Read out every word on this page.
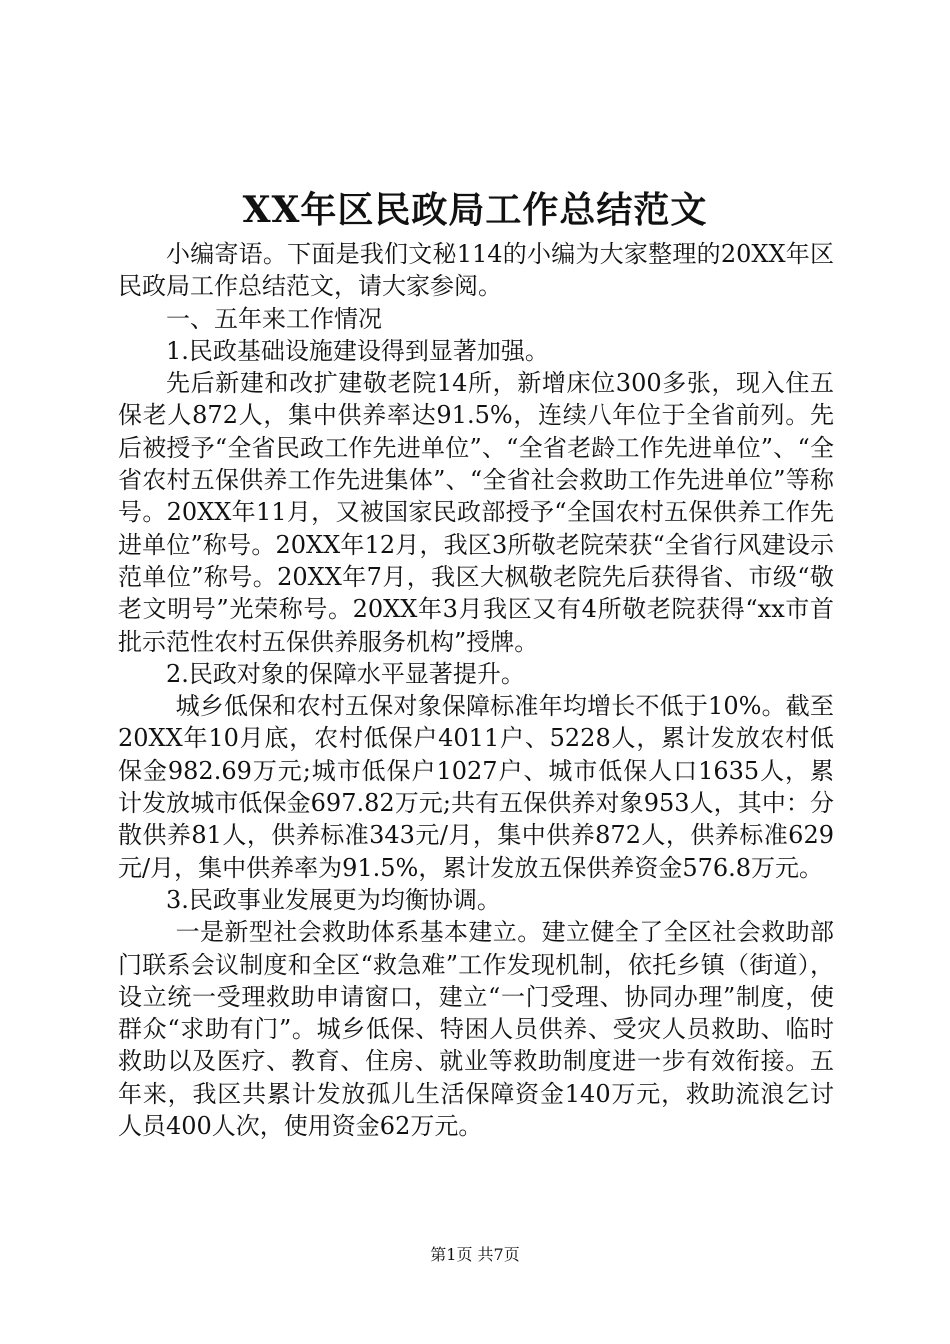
XX年区民政局工作总结范文

小编寄语。下面是我们文秘114的小编为大家整理的20XX年区民政局工作总结范文，请大家参阅。

一、五年来工作情况

1.民政基础设施建设得到显著加强。

先后新建和改扩建敬老院14所，新增床位300多张，现入住五保老人872人，集中供养率达91.5%，连续八年位于全省前列。先后被授予“全省民政工作先进单位”、“全省老龄工作先进单位”、“全省农村五保供养工作先进集体”、“全省社会救助工作先进单位”等称号。20XX年11月，又被国家民政部授予“全国农村五保供养工作先进单位”称号。20XX年12月，我区3所敬老院荣获“全省行风建设示范单位”称号。20XX年7月，我区大枫敬老院先后获得省、市级“敬老文明号”光荣称号。20XX年3月我区又有4所敬老院获得“xx市首批示范性农村五保供养服务机构”授牌。

2.民政对象的保障水平显著提升。

城乡低保和农村五保对象保障标准年均增长不低于10%。截至20XX年10月底，农村低保户4011户、5228人，累计发放农村低保金982.69万元;城市低保户1027户、城市低保人口1635人，累计发放城市低保金697.82万元;共有五保供养对象953人，其中：分散供养81人，供养标准343元/月，集中供养872人，供养标准629元/月，集中供养率为91.5%，累计发放五保供养资金576.8万元。

3.民政事业发展更为均衡协调。

一是新型社会救助体系基本建立。建立健全了全区社会救助部门联系会议制度和全区“救急难”工作发现机制，依托乡镇（街道），设立统一受理救助申请窗口，建立“一门受理、协同办理”制度，使群众“求助有门”。城乡低保、特困人员供养、受灾人员救助、临时救助以及医疗、教育、住房、就业等救助制度进一步有效衔接。五年来，我区共累计发放孤儿生活保障资金140万元，救助流浪乞讨人员400人次，使用资金62万元。

第1页 共7页
